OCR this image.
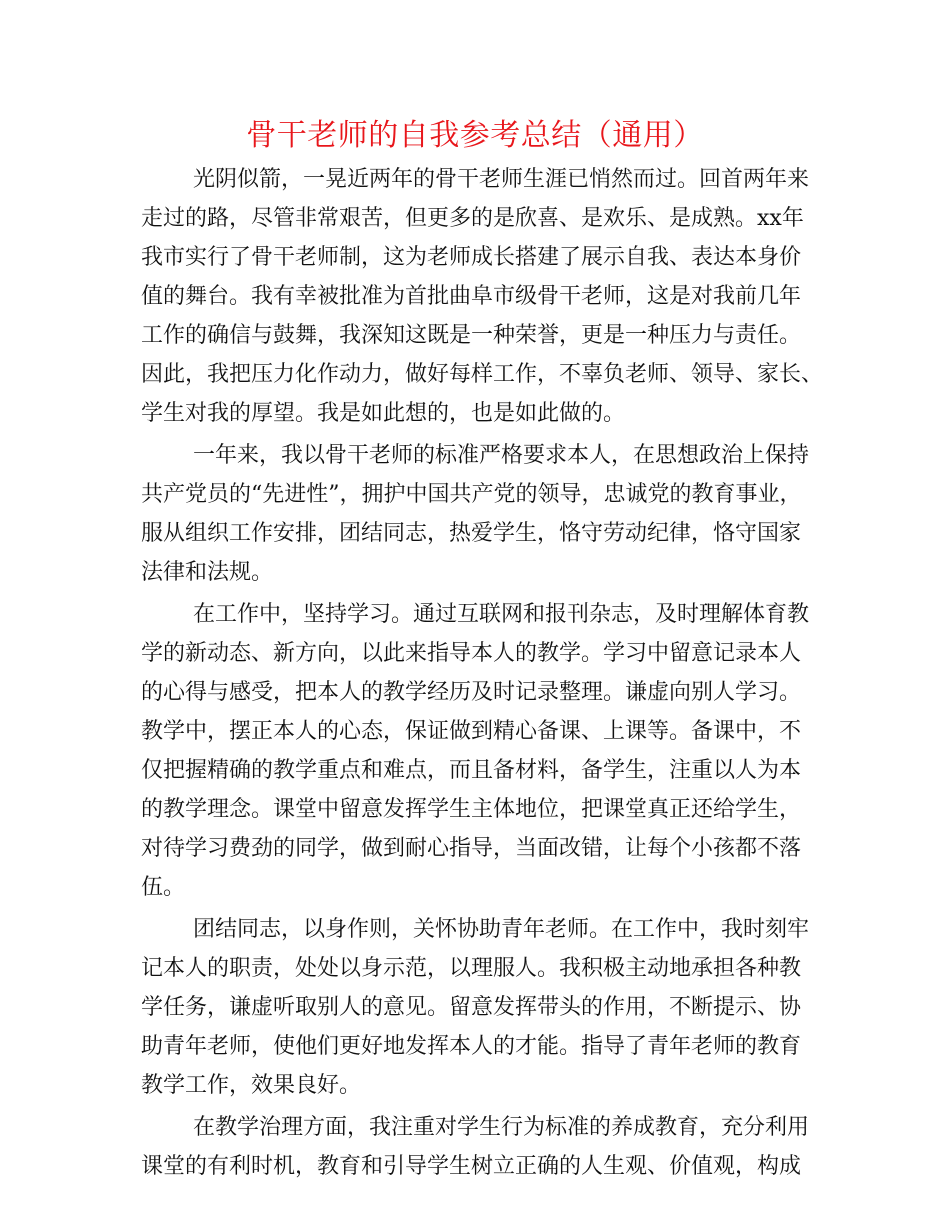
骨干老师的自我参考总结（通用）
光阴似箭，一晃近两年的骨干老师生涯已悄然而过。回首两年来
走过的路，尽管非常艰苦，但更多的是欣喜、是欢乐、是成熟。xx年
我市实行了骨干老师制，这为老师成长搭建了展示自我、表达本身价
值的舞台。我有幸被批准为首批曲阜市级骨干老师，这是对我前几年
工作的确信与鼓舞，我深知这既是一种荣誉，更是一种压力与责任。
因此，我把压力化作动力，做好每样工作，不辜负老师、领导、家长、
学生对我的厚望。我是如此想的，也是如此做的。
一年来，我以骨干老师的标准严格要求本人，在思想政治上保持
共产党员的“先进性”，拥护中国共产党的领导，忠诚党的教育事业，
服从组织工作安排，团结同志，热爱学生，恪守劳动纪律，恪守国家
法律和法规。
在工作中，坚持学习。通过互联网和报刊杂志，及时理解体育教
学的新动态、新方向，以此来指导本人的教学。学习中留意记录本人
的心得与感受，把本人的教学经历及时记录整理。谦虚向别人学习。
教学中，摆正本人的心态，保证做到精心备课、上课等。备课中，不
仅把握精确的教学重点和难点，而且备材料，备学生，注重以人为本
的教学理念。课堂中留意发挥学生主体地位，把课堂真正还给学生，
对待学习费劲的同学，做到耐心指导，当面改错，让每个小孩都不落
伍。
团结同志，以身作则，关怀协助青年老师。在工作中，我时刻牢
记本人的职责，处处以身示范，以理服人。我积极主动地承担各种教
学任务，谦虚听取别人的意见。留意发挥带头的作用，不断提示、协
助青年老师，使他们更好地发挥本人的才能。指导了青年老师的教育
教学工作，效果良好。
在教学治理方面，我注重对学生行为标准的养成教育，充分利用
课堂的有利时机，教育和引导学生树立正确的人生观、价值观，构成
